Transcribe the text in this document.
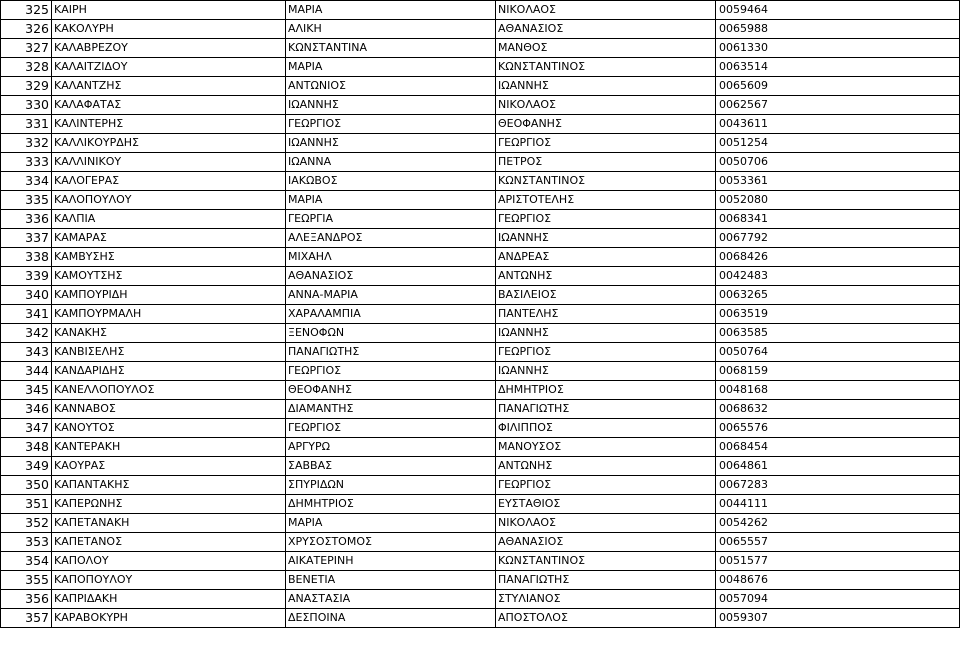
325	ΚΑΙΡΗ	ΜΑΡΙΑ	ΝΙΚΟΛΑΟΣ	0059464
326	ΚΑΚΟΛΥΡΗ	ΑΛΙΚΗ	ΑΘΑΝΑΣΙΟΣ	0065988
327	ΚΑΛΑΒΡΕΖΟΥ	ΚΩΝΣΤΑΝΤΙΝΑ	ΜΑΝΘΟΣ	0061330
328	ΚΑΛΑΙΤΖΙΔΟΥ	ΜΑΡΙΑ	ΚΩΝΣΤΑΝΤΙΝΟΣ	0063514
329	ΚΑΛΑΝΤΖΗΣ	ΑΝΤΩΝΙΟΣ	ΙΩΑΝΝΗΣ	0065609
330	ΚΑΛΑΦΑΤΑΣ	ΙΩΑΝΝΗΣ	ΝΙΚΟΛΑΟΣ	0062567
331	ΚΑΛΙΝΤΕΡΗΣ	ΓΕΩΡΓΙΟΣ	ΘΕΟΦΑΝΗΣ	0043611
332	ΚΑΛΛΙΚΟΥΡΔΗΣ	ΙΩΑΝΝΗΣ	ΓΕΩΡΓΙΟΣ	0051254
333	ΚΑΛΛΙΝΙΚΟΥ	ΙΩΑΝΝΑ	ΠΕΤΡΟΣ	0050706
334	ΚΑΛΟΓΕΡΑΣ	ΙΑΚΩΒΟΣ	ΚΩΝΣΤΑΝΤΙΝΟΣ	0053361
335	ΚΑΛΟΠΟΥΛΟΥ	ΜΑΡΙΑ	ΑΡΙΣΤΟΤΕΛΗΣ	0052080
336	ΚΑΛΠΙΑ	ΓΕΩΡΓΙΑ	ΓΕΩΡΓΙΟΣ	0068341
337	ΚΑΜΑΡΑΣ	ΑΛΕΞΑΝΔΡΟΣ	ΙΩΑΝΝΗΣ	0067792
338	ΚΑΜΒΥΣΗΣ	ΜΙΧΑΗΛ	ΑΝΔΡΕΑΣ	0068426
339	ΚΑΜΟΥΤΣΗΣ	ΑΘΑΝΑΣΙΟΣ	ΑΝΤΩΝΗΣ	0042483
340	ΚΑΜΠΟΥΡΙΔΗ	ΑΝΝΑ-ΜΑΡΙΑ	ΒΑΣΙΛΕΙΟΣ	0063265
341	ΚΑΜΠΟΥΡΜΑΛΗ	ΧΑΡΑΛΑΜΠΙΑ	ΠΑΝΤΕΛΗΣ	0063519
342	ΚΑΝΑΚΗΣ	ΞΕΝΟΦΩΝ	ΙΩΑΝΝΗΣ	0063585
343	ΚΑΝΒΙΣΕΛΗΣ	ΠΑΝΑΓΙΩΤΗΣ	ΓΕΩΡΓΙΟΣ	0050764
344	ΚΑΝΔΑΡΙΔΗΣ	ΓΕΩΡΓΙΟΣ	ΙΩΑΝΝΗΣ	0068159
345	ΚΑΝΕΛΛΟΠΟΥΛΟΣ	ΘΕΟΦΑΝΗΣ	ΔΗΜΗΤΡΙΟΣ	0048168
346	ΚΑΝΝΑΒΟΣ	ΔΙΑΜΑΝΤΗΣ	ΠΑΝΑΓΙΩΤΗΣ	0068632
347	ΚΑΝΟΥΤΟΣ	ΓΕΩΡΓΙΟΣ	ΦΙΛΙΠΠΟΣ	0065576
348	ΚΑΝΤΕΡΑΚΗ	ΑΡΓΥΡΩ	ΜΑΝΟΥΣΟΣ	0068454
349	ΚΑΟΥΡΑΣ	ΣΑΒΒΑΣ	ΑΝΤΩΝΗΣ	0064861
350	ΚΑΠΑΝΤΑΚΗΣ	ΣΠΥΡΙΔΩΝ	ΓΕΩΡΓΙΟΣ	0067283
351	ΚΑΠΕΡΩΝΗΣ	ΔΗΜΗΤΡΙΟΣ	ΕΥΣΤΑΘΙΟΣ	0044111
352	ΚΑΠΕΤΑΝΑΚΗ	ΜΑΡΙΑ	ΝΙΚΟΛΑΟΣ	0054262
353	ΚΑΠΕΤΑΝΟΣ	ΧΡΥΣΟΣΤΟΜΟΣ	ΑΘΑΝΑΣΙΟΣ	0065557
354	ΚΑΠΟΛΟΥ	ΑΙΚΑΤΕΡΙΝΗ	ΚΩΝΣΤΑΝΤΙΝΟΣ	0051577
355	ΚΑΠΟΠΟΥΛΟΥ	ΒΕΝΕΤΙΑ	ΠΑΝΑΓΙΩΤΗΣ	0048676
356	ΚΑΠΡΙΔΑΚΗ	ΑΝΑΣΤΑΣΙΑ	ΣΤΥΛΙΑΝΟΣ	0057094
357	ΚΑΡΑΒΟΚΥΡΗ	ΔΕΣΠΟΙΝΑ	ΑΠΟΣΤΟΛΟΣ	0059307
